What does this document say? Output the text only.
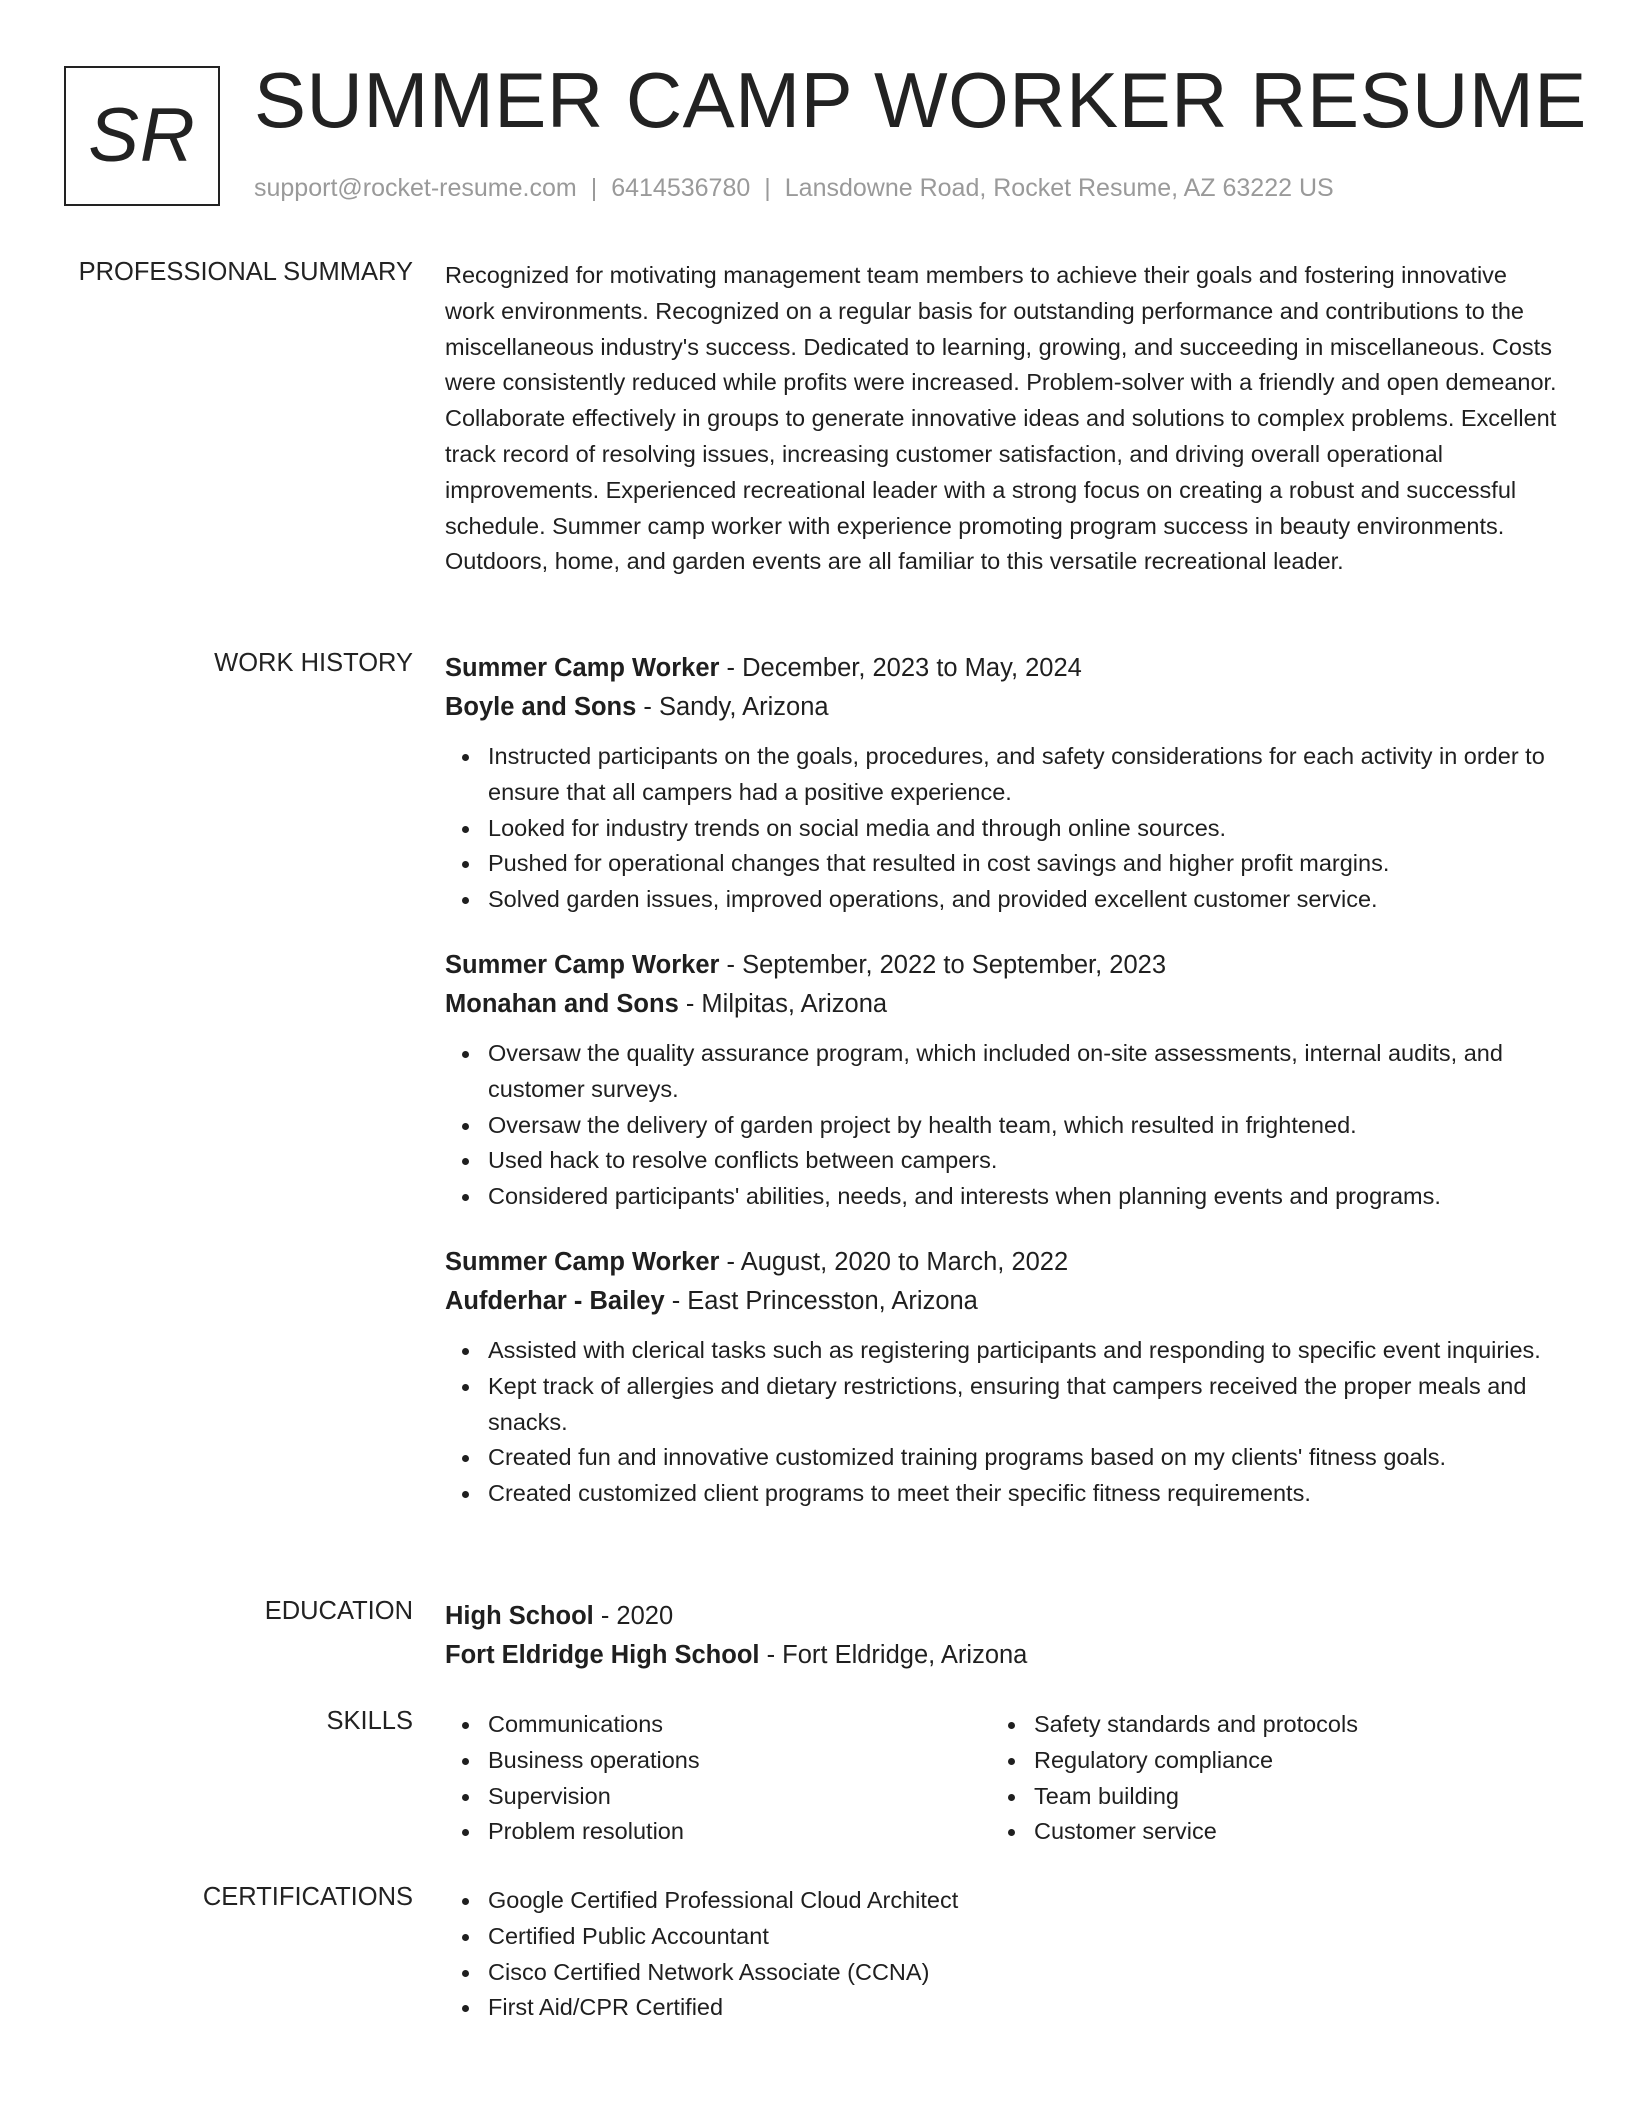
SR SUMMER CAMP WORKER RESUME
support@rocket-resume.com | 6414536780 | Lansdowne Road, Rocket Resume, AZ 63222 US
PROFESSIONAL SUMMARY Recognized for motivating management team members to achieve their goals and fostering innovative work environments. Recognized on a regular basis for outstanding performance and contributions to the miscellaneous industry's success. Dedicated to learning, growing, and succeeding in miscellaneous. Costs were consistently reduced while profits were increased. Problem-solver with a friendly and open demeanor. Collaborate effectively in groups to generate innovative ideas and solutions to complex problems. Excellent track record of resolving issues, increasing customer satisfaction, and driving overall operational improvements. Experienced recreational leader with a strong focus on creating a robust and successful schedule. Summer camp worker with experience promoting program success in beauty environments. Outdoors, home, and garden events are all familiar to this versatile recreational leader.
WORK HISTORY Summer Camp Worker - December, 2023 to May, 2024
Boyle and Sons - Sandy, Arizona
Instructed participants on the goals, procedures, and safety considerations for each activity in order to ensure that all campers had a positive experience.
Looked for industry trends on social media and through online sources.
Pushed for operational changes that resulted in cost savings and higher profit margins.
Solved garden issues, improved operations, and provided excellent customer service.
Summer Camp Worker - September, 2022 to September, 2023
Monahan and Sons - Milpitas, Arizona
Oversaw the quality assurance program, which included on-site assessments, internal audits, and customer surveys.
Oversaw the delivery of garden project by health team, which resulted in frightened.
Used hack to resolve conflicts between campers.
Considered participants' abilities, needs, and interests when planning events and programs.
Summer Camp Worker - August, 2020 to March, 2022
Aufderhar - Bailey - East Princesston, Arizona
Assisted with clerical tasks such as registering participants and responding to specific event inquiries.
Kept track of allergies and dietary restrictions, ensuring that campers received the proper meals and snacks.
Created fun and innovative customized training programs based on my clients' fitness goals.
Created customized client programs to meet their specific fitness requirements.
EDUCATION High School - 2020
Fort Eldridge High School - Fort Eldridge, Arizona
SKILLS	Communications
Business operations
Supervision
Problem resolution
Safety standards and protocols
Regulatory compliance
Team building
Customer service
CERTIFICATIONS	Google Certified Professional Cloud Architect
Certified Public Accountant
Cisco Certified Network Associate (CCNA)
First Aid/CPR Certified
